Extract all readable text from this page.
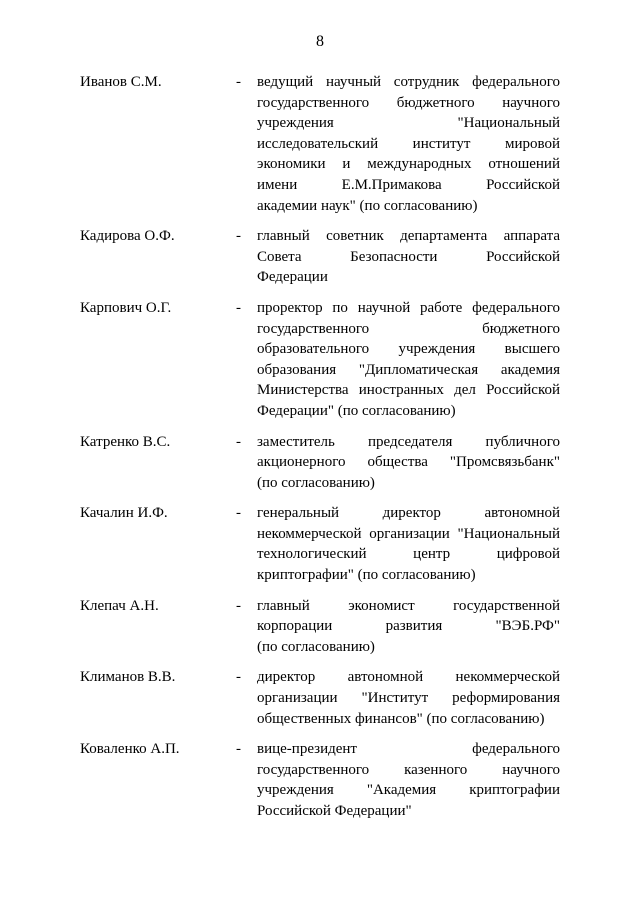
8
Иванов С.М.	-	ведущий научный сотрудник федерального
государственного бюджетного научного
учреждения "Национальный
исследовательский институт мировой
экономики и международных отношений
имени Е.М.Примакова Российской
академии наук" (по согласованию)
Кадирова О.Ф.	-	главный советник департамента аппарата
Совета Безопасности Российской
Федерации
Карпович О.Г.	-	проректор по научной работе федерального
государственного бюджетного
образовательного учреждения высшего
образования "Дипломатическая академия
Министерства иностранных дел Российской
Федерации" (по согласованию)
Катренко В.С.	-	заместитель председателя публичного
акционерного общества "Промсвязьбанк"
(по согласованию)
Качалин И.Ф.	-	генеральный директор автономной
некоммерческой организации "Национальный
технологический центр цифровой
криптографии" (по согласованию)
Клепач А.Н.	-	главный экономист государственной
корпорации развития "ВЭБ.РФ"
(по согласованию)
Климанов В.В.	-	директор автономной некоммерческой
организации "Институт реформирования
общественных финансов" (по согласованию)
Коваленко А.П.	-	вице-президент федерального
государственного казенного научного
учреждения "Академия криптографии
Российской Федерации"
